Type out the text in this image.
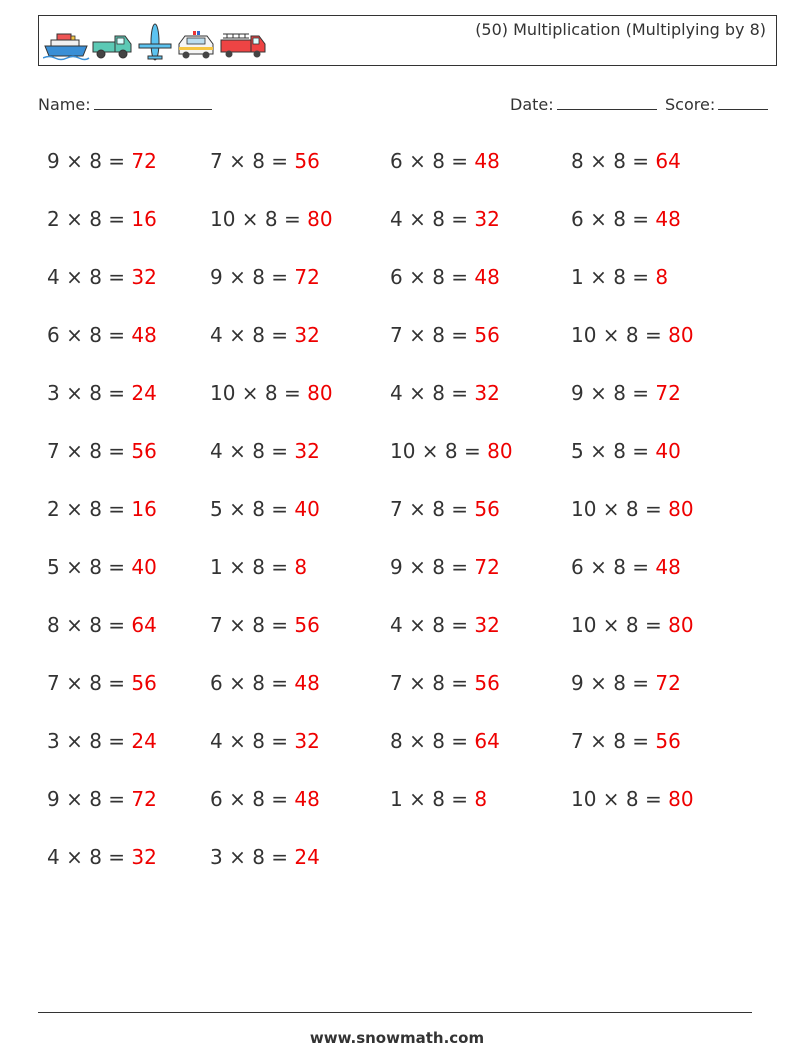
(50) Multiplication (Multiplying by 8)
Name:	Date:	Score:
9 × 8 = 72	7 × 8 = 56	6 × 8 = 48	8 × 8 = 64
2 × 8 = 16	10 × 8 = 80	4 × 8 = 32	6 × 8 = 48
4 × 8 = 32	9 × 8 = 72	6 × 8 = 48	1 × 8 = 8
6 × 8 = 48	4 × 8 = 32	7 × 8 = 56	10 × 8 = 80
3 × 8 = 24	10 × 8 = 80	4 × 8 = 32	9 × 8 = 72
7 × 8 = 56	4 × 8 = 32	10 × 8 = 80	5 × 8 = 40
2 × 8 = 16	5 × 8 = 40	7 × 8 = 56	10 × 8 = 80
5 × 8 = 40	1 × 8 = 8	9 × 8 = 72	6 × 8 = 48
8 × 8 = 64	7 × 8 = 56	4 × 8 = 32	10 × 8 = 80
7 × 8 = 56	6 × 8 = 48	7 × 8 = 56	9 × 8 = 72
3 × 8 = 24	4 × 8 = 32	8 × 8 = 64	7 × 8 = 56
9 × 8 = 72	6 × 8 = 48	1 × 8 = 8	10 × 8 = 80
4 × 8 = 32	3 × 8 = 24
www.snowmath.com
